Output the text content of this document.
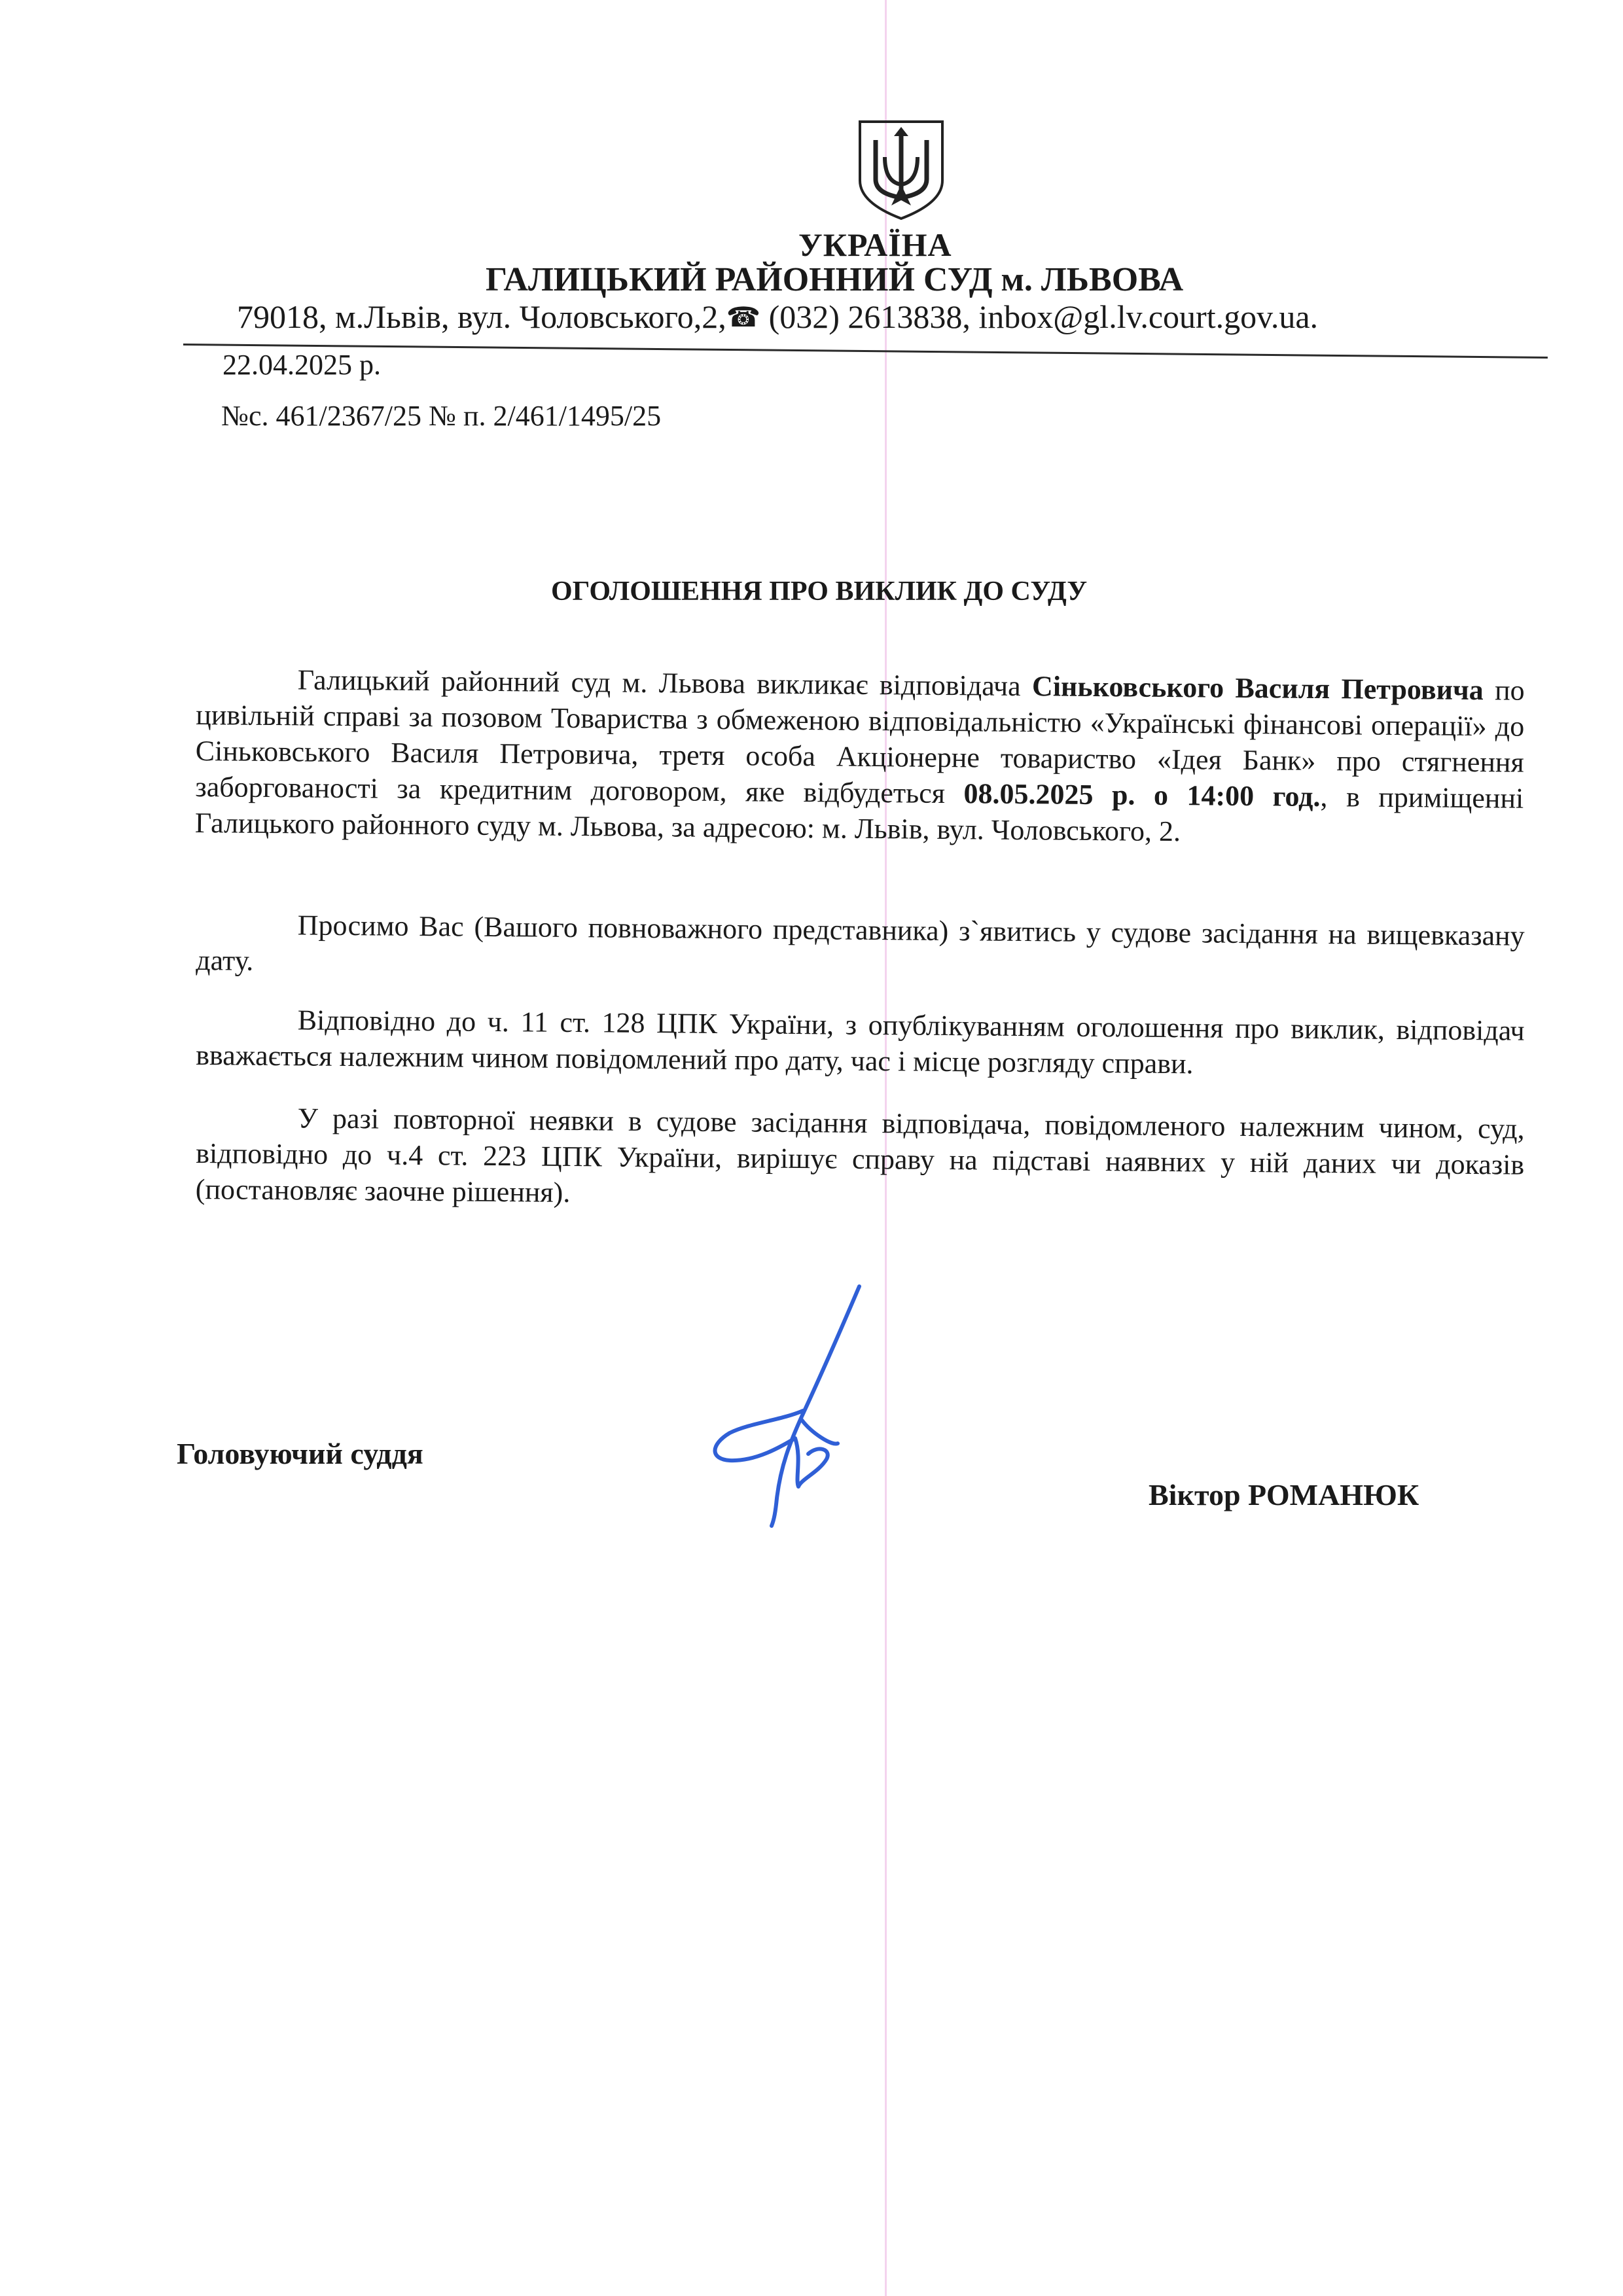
УКРАЇНА
ГАЛИЦЬКИЙ РАЙОННИЙ СУД м. ЛЬВОВА
79018, м.Львів, вул. Чоловського,2,☎ (032) 2613838, inbox@gl.lv.court.gov.ua.
22.04.2025 р.
№с. 461/2367/25 № п. 2/461/1495/25
ОГОЛОШЕННЯ ПРО ВИКЛИК ДО СУДУ

Галицький районний суд м. Львова викликає відповідача Сіньковського Василя Петровича по цивільній справі за позовом Товариства з обмеженою відповідальністю «Українські фінансові операції» до Сіньковського Василя Петровича, третя особа Акціонерне товариство «Ідея Банк» про стягнення заборгованості за кредитним договором, яке відбудеться 08.05.2025 р. о 14:00 год., в приміщенні Галицького районного суду м. Львова, за адресою: м. Львів, вул. Чоловського, 2.

Просимо Вас (Вашого повноважного представника) з`явитись у судове засідання на вищевказану дату.

Відповідно до ч. 11 ст. 128 ЦПК України, з опублікуванням оголошення про виклик, відповідач вважається належним чином повідомлений про дату, час і місце розгляду справи.

У разі повторної неявки в судове засідання відповідача, повідомленого належним чином, суд, відповідно до ч.4 ст. 223 ЦПК України, вирішує справу на підставі наявних у ній даних чи доказів (постановляє заочне рішення).

Головуючий суддя
Віктор РОМАНЮК
